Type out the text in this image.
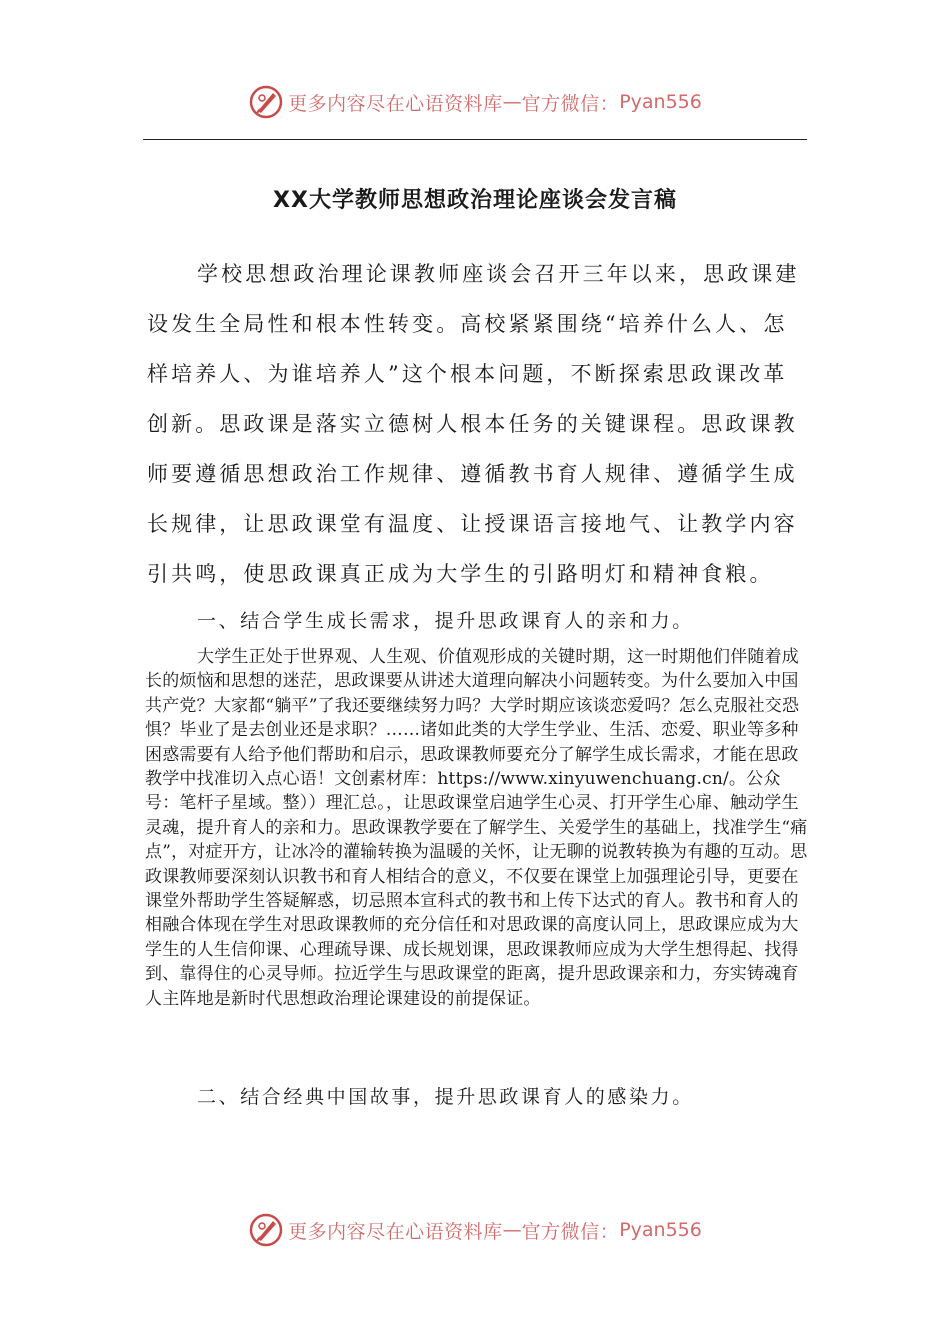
更多内容尽在心语资料库 — 官方微信： Pyan556
XX大学教师思想政治理论座谈会发言稿

学校思想政治理论课教师座谈会召开三年以来，思政课建设发生全局性和根本性转变。高校紧紧围绕“培养什么人、怎样培养人、为谁培养人”这个根本问题，不断探索思政课改革创新。思政课是落实立德树人根本任务的关键课程。思政课教师要遵循思想政治工作规律、遵循教书育人规律、遵循学生成长规律，让思政课堂有温度、让授课语言接地气、让教学内容引共鸣，使思政课真正成为大学生的引路明灯和精神食粮。

一、结合学生成长需求，提升思政课育人的亲和力。

大学生正处于世界观、人生观、价值观形成的关键时期，这一时期他们伴随着成长的烦恼和思想的迷茫，思政课要从讲述大道理向解决小问题转变。为什么要加入中国共产党？大家都“躺平”了我还要继续努力吗？大学时期应该谈恋爱吗？怎么克服社交恐惧？毕业了是去创业还是求职？……诸如此类的大学生学业、生活、恋爱、职业等多种困惑需要有人给予他们帮助和启示，思政课教师要充分了解学生成长需求，才能在思政教学中找准切入点心语！文创素材库：https://www.xinyuwenchuang.cn/。公众号：笔杆子星域。整））理汇总。，让思政课堂启迪学生心灵、打开学生心扉、触动学生灵魂，提升育人的亲和力。思政课教学要在了解学生、关爱学生的基础上，找准学生“痛点”，对症开方，让冰冷的灌输转换为温暖的关怀，让无聊的说教转换为有趣的互动。思政课教师要深刻认识教书和育人相结合的意义，不仅要在课堂上加强理论引导，更要在课堂外帮助学生答疑解惑，切忌照本宣科式的教书和上传下达式的育人。教书和育人的相融合体现在学生对思政课教师的充分信任和对思政课的高度认同上，思政课应成为大学生的人生信仰课、心理疏导课、成长规划课，思政课教师应成为大学生想得起、找得到、靠得住的心灵导师。拉近学生与思政课堂的距离，提升思政课亲和力，夯实铸魂育人主阵地是新时代思想政治理论课建设的前提保证。

二、结合经典中国故事，提升思政课育人的感染力。

更多内容尽在心语资料库 — 官方微信： Pyan556
